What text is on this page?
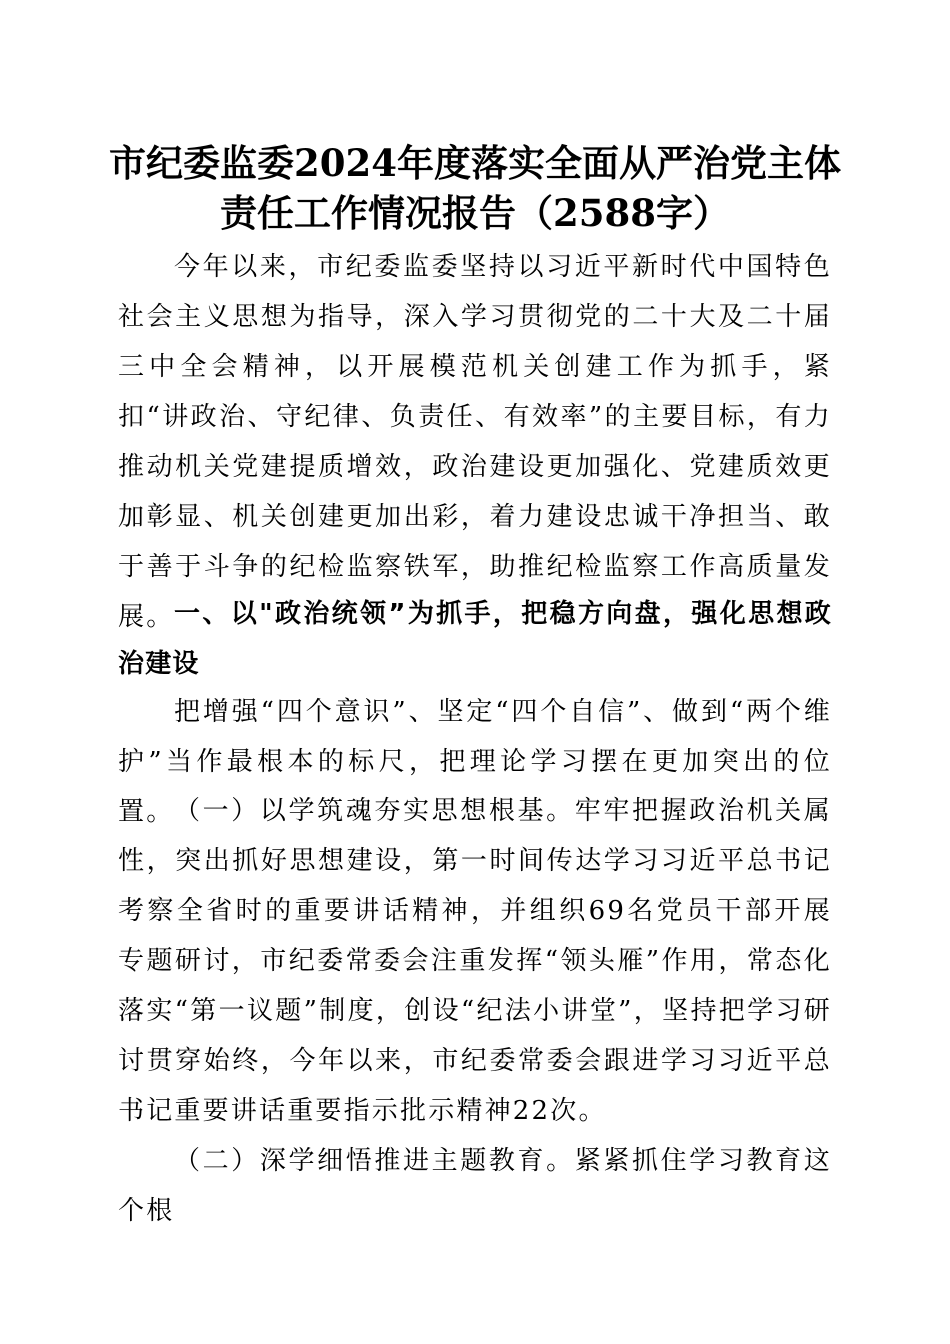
市纪委监委2024年度落实全面从严治党主体
责任工作情况报告（2588字）

今年以来，市纪委监委坚持以习近平新时代中国特色社会主义思想为指导，深入学习贯彻党的二十大及二十届三中全会精神，以开展模范机关创建工作为抓手，紧扣“讲政治、守纪律、负责任、有效率”的主要目标，有力推动机关党建提质增效，政治建设更加强化、党建质效更加彰显、机关创建更加出彩，着力建设忠诚干净担当、敢于善于斗争的纪检监察铁军，助推纪检监察工作高质量发展。 一、以"政治统领”为抓手，把稳方向盘，强化思想政治建设

把增强“四个意识”、坚定“四个自信”、做到“两个维护”当作最根本的标尺，把理论学习摆在更加突出的位置。 （一）以学筑魂夯实思想根基。牢牢把握政治机关属性，突出抓好思想建设，第一时间传达学习习近平总书记考察全省时的重要讲话精神，并组织69名党员干部开展专题研讨，市纪委常委会注重发挥“领头雁”作用，常态化落实“第一议题”制度，创设“纪法小讲堂”，坚持把学习研讨贯穿始终，今年以来，市纪委常委会跟进学习习近平总书记重要讲话重要指示批示精神22次。

（二）深学细悟推进主题教育。紧紧抓住学习教育这个根
